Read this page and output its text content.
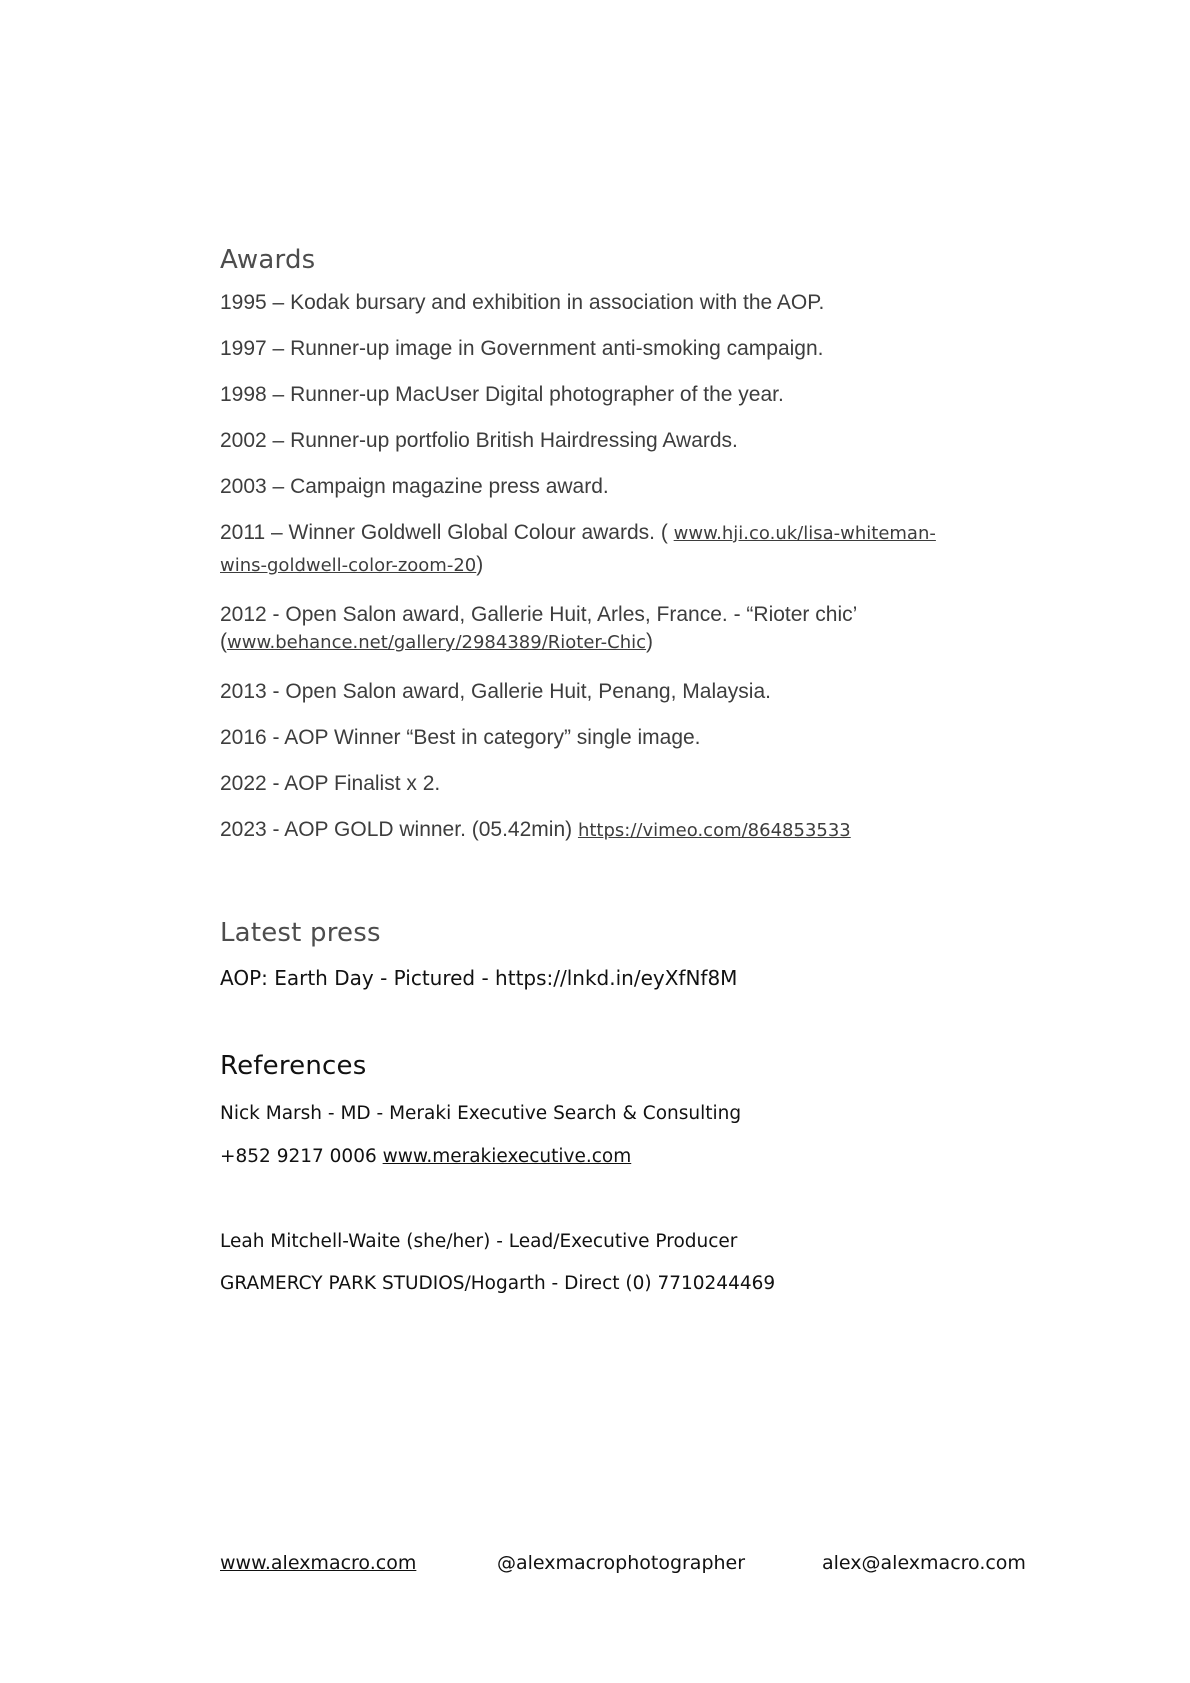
Awards
1995 – Kodak bursary and exhibition in association with the AOP.
1997 – Runner-up image in Government anti-smoking campaign.
1998 – Runner-up MacUser Digital photographer of the year.
2002 – Runner-up portfolio British Hairdressing Awards.
2003 – Campaign magazine press award.
2011 – Winner Goldwell Global Colour awards. ( www.hji.co.uk/lisa-whiteman-
wins-goldwell-color-zoom-20)
2012 - Open Salon award, Gallerie Huit, Arles, France. - “Rioter chic’
(www.behance.net/gallery/2984389/Rioter-Chic)
2013 - Open Salon award, Gallerie Huit, Penang, Malaysia.
2016 - AOP Winner “Best in category” single image.
2022 - AOP Finalist x 2.
2023 - AOP GOLD winner. (05.42min) https://vimeo.com/864853533
Latest press
AOP: Earth Day - Pictured - https://lnkd.in/eyXfNf8M
References
Nick Marsh - MD - Meraki Executive Search & Consulting
+852 9217 0006 www.merakiexecutive.com
Leah Mitchell-Waite (she/her) - Lead/Executive Producer
GRAMERCY PARK STUDIOS/Hogarth - Direct (0) 7710244469
www.alexmacro.com	@alexmacrophotographer	alex@alexmacro.com
